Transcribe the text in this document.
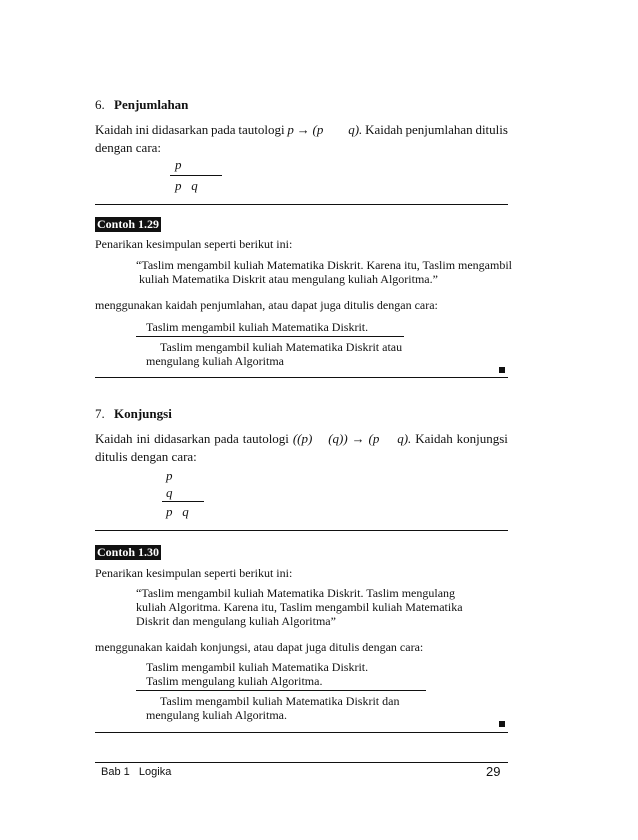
6. Penjumlahan
Kaidah ini didasarkan pada tautologi p → (p q). Kaidah penjumlahan ditulis
dengan cara:
p
p   q
Contoh 1.29
Penarikan kesimpulan seperti berikut ini:
“Taslim mengambil kuliah Matematika Diskrit. Karena itu, Taslim mengambil
kuliah Matematika Diskrit atau mengulang kuliah Algoritma.”
menggunakan kaidah penjumlahan, atau dapat juga ditulis dengan cara:
Taslim mengambil kuliah Matematika Diskrit.
Taslim mengambil kuliah Matematika Diskrit atau
mengulang kuliah Algoritma
7. Konjungsi
Kaidah ini didasarkan pada tautologi ((p) (q)) → (p q). Kaidah konjungsi
ditulis dengan cara:
p
q
p   q
Contoh 1.30
Penarikan kesimpulan seperti berikut ini:
“Taslim mengambil kuliah Matematika Diskrit. Taslim mengulang
kuliah Algoritma. Karena itu, Taslim mengambil kuliah Matematika
Diskrit dan mengulang kuliah Algoritma”
menggunakan kaidah konjungsi, atau dapat juga ditulis dengan cara:
Taslim mengambil kuliah Matematika Diskrit.
Taslim mengulang kuliah Algoritma.
Taslim mengambil kuliah Matematika Diskrit dan
mengulang kuliah Algoritma.
Bab 1   Logika	29
